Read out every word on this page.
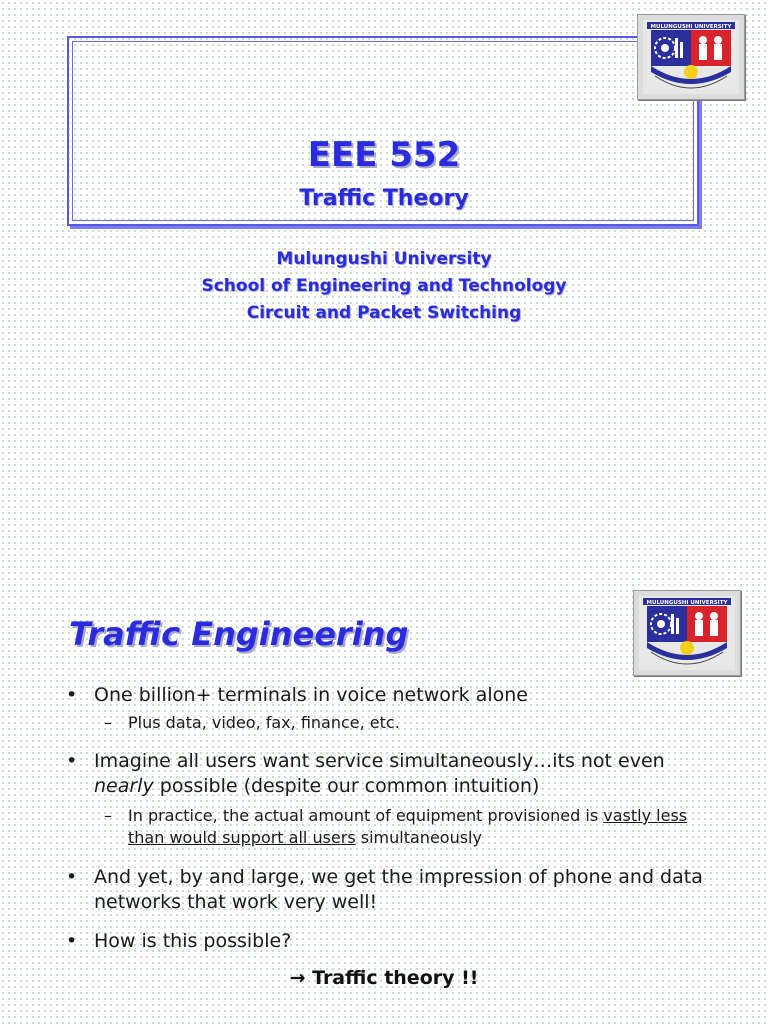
EEE 552
Traffic Theory
Mulungushi University
School of Engineering and Technology
Circuit and Packet Switching
MULUNGUSHI UNIVERSITY
Traffic Engineering
MULUNGUSHI UNIVERSITY
• One billion+ terminals in voice network alone
– Plus data, video, fax, finance, etc.
• Imagine all users want service simultaneously…its not even nearly possible (despite our common intuition)
– In practice, the actual amount of equipment provisioned is vastly less than would support all users simultaneously
• And yet, by and large, we get the impression of phone and data networks that work very well!
• How is this possible?
→ Traffic theory !!
